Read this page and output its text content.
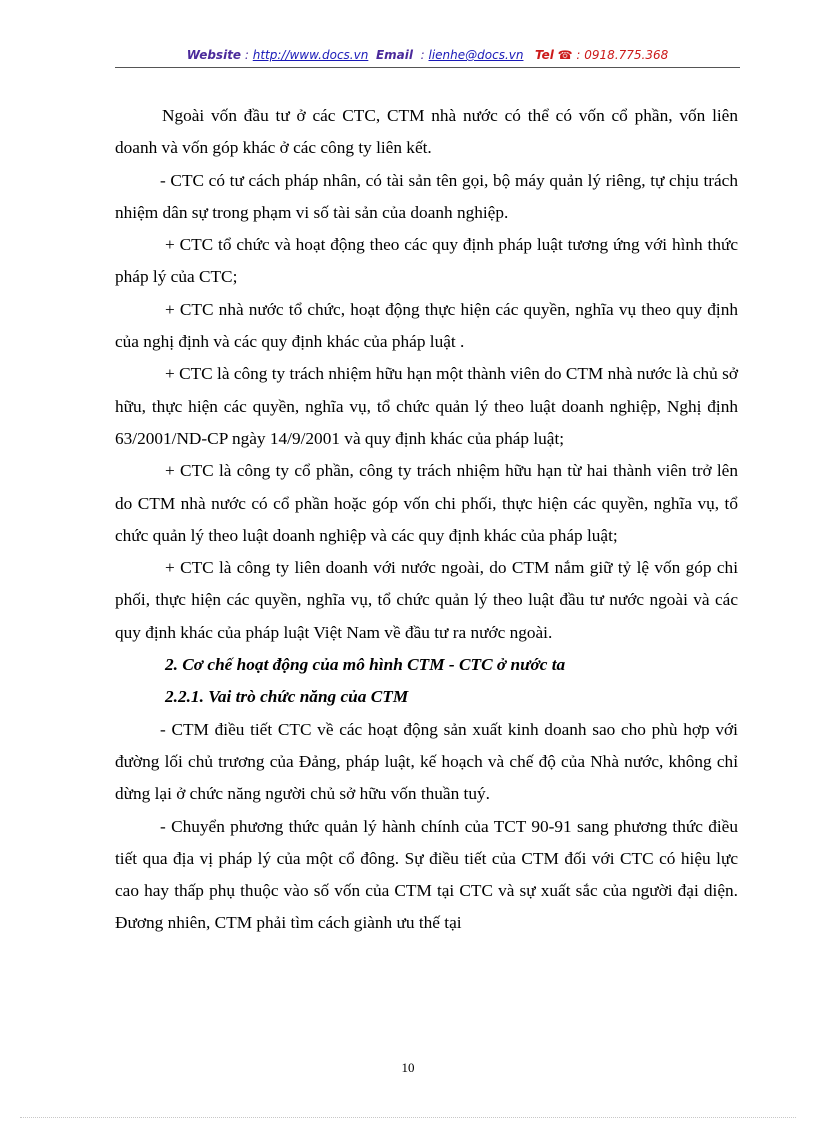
Website : http://www.docs.vn Email  : lienhe@docs.vn Tel ☎ : 0918.775.368

Ngoài vốn đầu tư ở các CTC, CTM nhà nước có thể có vốn cổ phần, vốn liên doanh và vốn góp khác ở các công ty liên kết.

- CTC có tư cách pháp nhân, có tài sản tên gọi, bộ máy quản lý riêng, tự chịu trách nhiệm dân sự trong phạm vi số tài sản của doanh nghiệp.

+ CTC tổ chức và hoạt động theo các quy định pháp luật tương ứng với hình thức pháp lý của CTC;

+ CTC nhà nước tổ chức, hoạt động thực hiện các quyền, nghĩa vụ theo quy định của nghị định và các quy định khác của pháp luật .

+ CTC là công ty trách nhiệm hữu hạn một thành viên do CTM nhà nước là chủ sở hữu, thực hiện các quyền, nghĩa vụ, tổ chức quản lý theo luật doanh nghiệp, Nghị định 63/2001/ND-CP ngày 14/9/2001 và quy định khác của pháp luật;

+ CTC là công ty cổ phần, công ty trách nhiệm hữu hạn từ hai thành viên trở lên do CTM nhà nước có cổ phần hoặc góp vốn chi phối, thực hiện các quyền, nghĩa vụ, tổ chức quản lý theo luật doanh nghiệp và các quy định khác của pháp luật;

+ CTC là công ty liên doanh với nước ngoài, do CTM nắm giữ tỷ lệ vốn góp chi phối, thực hiện các quyền, nghĩa vụ, tổ chức quản lý theo luật đầu tư nước ngoài và các quy định khác của pháp luật Việt Nam về đầu tư ra nước ngoài.

2. Cơ chế hoạt động của mô hình CTM - CTC ở nước ta

2.2.1. Vai trò chức năng của CTM

- CTM điều tiết CTC về các hoạt động sản xuất kinh doanh sao cho phù hợp với đường lối chủ trương của Đảng, pháp luật, kế hoạch và chế độ của Nhà nước, không chỉ dừng lại ở chức năng người chủ sở hữu vốn thuần tuý.

- Chuyển phương thức quản lý hành chính của TCT 90-91 sang phương thức điều tiết qua địa vị pháp lý của một cổ đông. Sự điều tiết của CTM đối với CTC có hiệu lực cao hay thấp phụ thuộc vào số vốn của CTM tại CTC và sự xuất sắc của người đại diện. Đương nhiên, CTM phải tìm cách giành ưu thế tại

10
